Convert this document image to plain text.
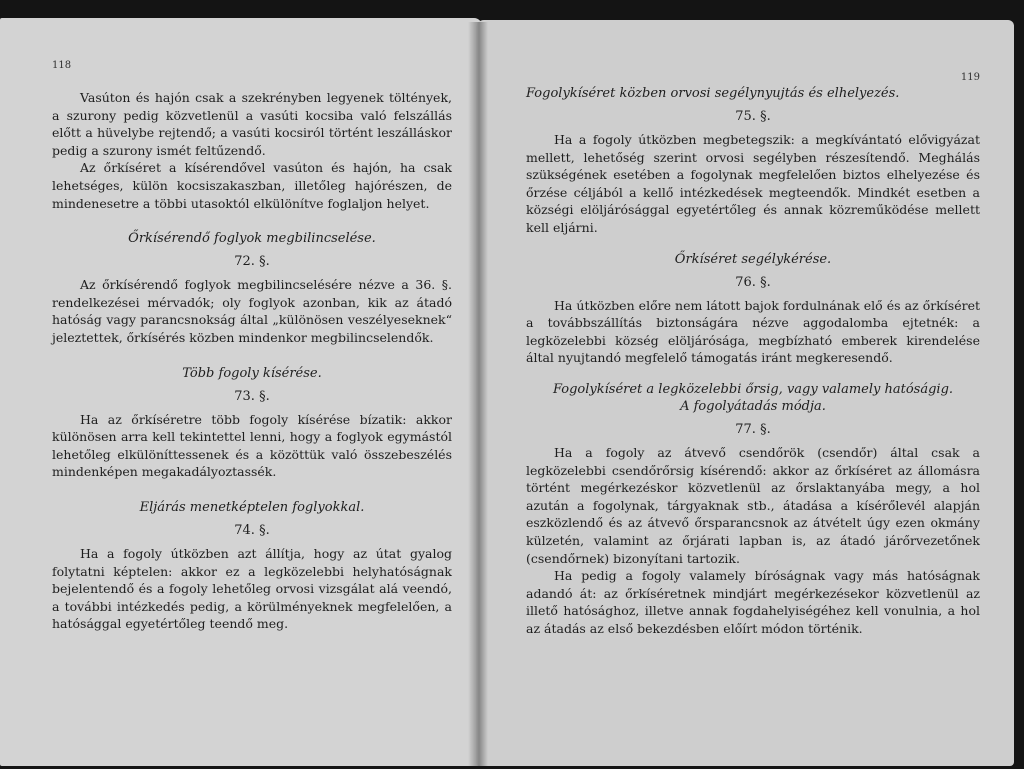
118

Vasúton és hajón csak a szekrényben legyenek töltények, a szurony pedig közvetlenül a vasúti kocsiba való felszállás előtt a hüvelybe rejtendő; a vasúti kocsiról történt leszálláskor pedig a szurony ismét feltűzendő.

Az őrkíséret a kísérendővel vasúton és hajón, ha csak lehetséges, külön kocsiszakaszban, illetőleg hajórészen, de mindenesetre a többi utasoktól elkülönítve foglaljon helyet.

Őrkísérendő foglyok megbilincselése.
72. §.

Az őrkísérendő foglyok megbilincselésére nézve a 36. §. rendelkezései mérvadók; oly foglyok azonban, kik az átadó hatóság vagy parancsnokság által „különösen veszélyeseknek“ jeleztettek, őrkísérés közben mindenkor megbilincselendők.

Több fogoly kísérése.
73. §.

Ha az őrkíséretre több fogoly kísérése bízatik: akkor különösen arra kell tekintettel lenni, hogy a foglyok egymástól lehetőleg elkülöníttessenek és a közöttük való összebeszélés mindenképen megakadályoztassék.

Eljárás menetképtelen foglyokkal.
74. §.

Ha a fogoly útközben azt állítja, hogy az útat gyalog folytatni képtelen: akkor ez a legközelebbi helyhatóságnak bejelentendő és a fogoly lehetőleg orvosi vizsgálat alá veendó, a további intézkedés pedig, a körülményeknek megfelelően, a hatósággal egyetértőleg teendő meg.

119
Fogolykíséret közben orvosi segélynyujtás és elhelyezés.
75. §.

Ha a fogoly útközben megbetegszik: a megkívántató elővigyázat mellett, lehetőség szerint orvosi segélyben részesítendő. Meghálás szükségének esetében a fogolynak megfelelően biztos elhelyezése és őrzése céljából a kellő intézkedések megteendők. Mindkét esetben a községi elöljárósággal egyetértőleg és annak közreműködése mellett kell eljárni.

Őrkíséret segélykérése.
76. §.

Ha útközben előre nem látott bajok fordulnának elő és az őrkíséret a továbbszállítás biztonságára nézve aggodalomba ejtetnék: a legközelebbi község elöljárósága, megbízható emberek kirendelése által nyujtandó megfelelő támogatás iránt megkeresendő.

Fogolykíséret a legközelebbi őrsig, vagy valamely hatóságig.
A fogolyátadás módja.
77. §.

Ha a fogoly az átvevő csendőrök (csendőr) által csak a legközelebbi csendőrőrsig kísérendő: akkor az őrkíséret az állomásra történt megérkezéskor közvetlenül az őrslaktanyába megy, a hol azután a fogolynak, tárgyaknak stb., átadása a kísérőlevél alapján eszközlendő és az átvevő őrsparancsnok az átvételt úgy ezen okmány külzetén, valamint az őrjárati lapban is, az átadó járőrvezetőnek (csendőrnek) bizonyítani tartozik.

Ha pedig a fogoly valamely bíróságnak vagy más hatóságnak adandó át: az őrkíséretnek mindjárt megérkezésekor közvetlenül az illető hatósághoz, illetve annak fogdahelyiségéhez kell vonulnia, a hol az átadás az első bekezdésben előírt módon történik.
